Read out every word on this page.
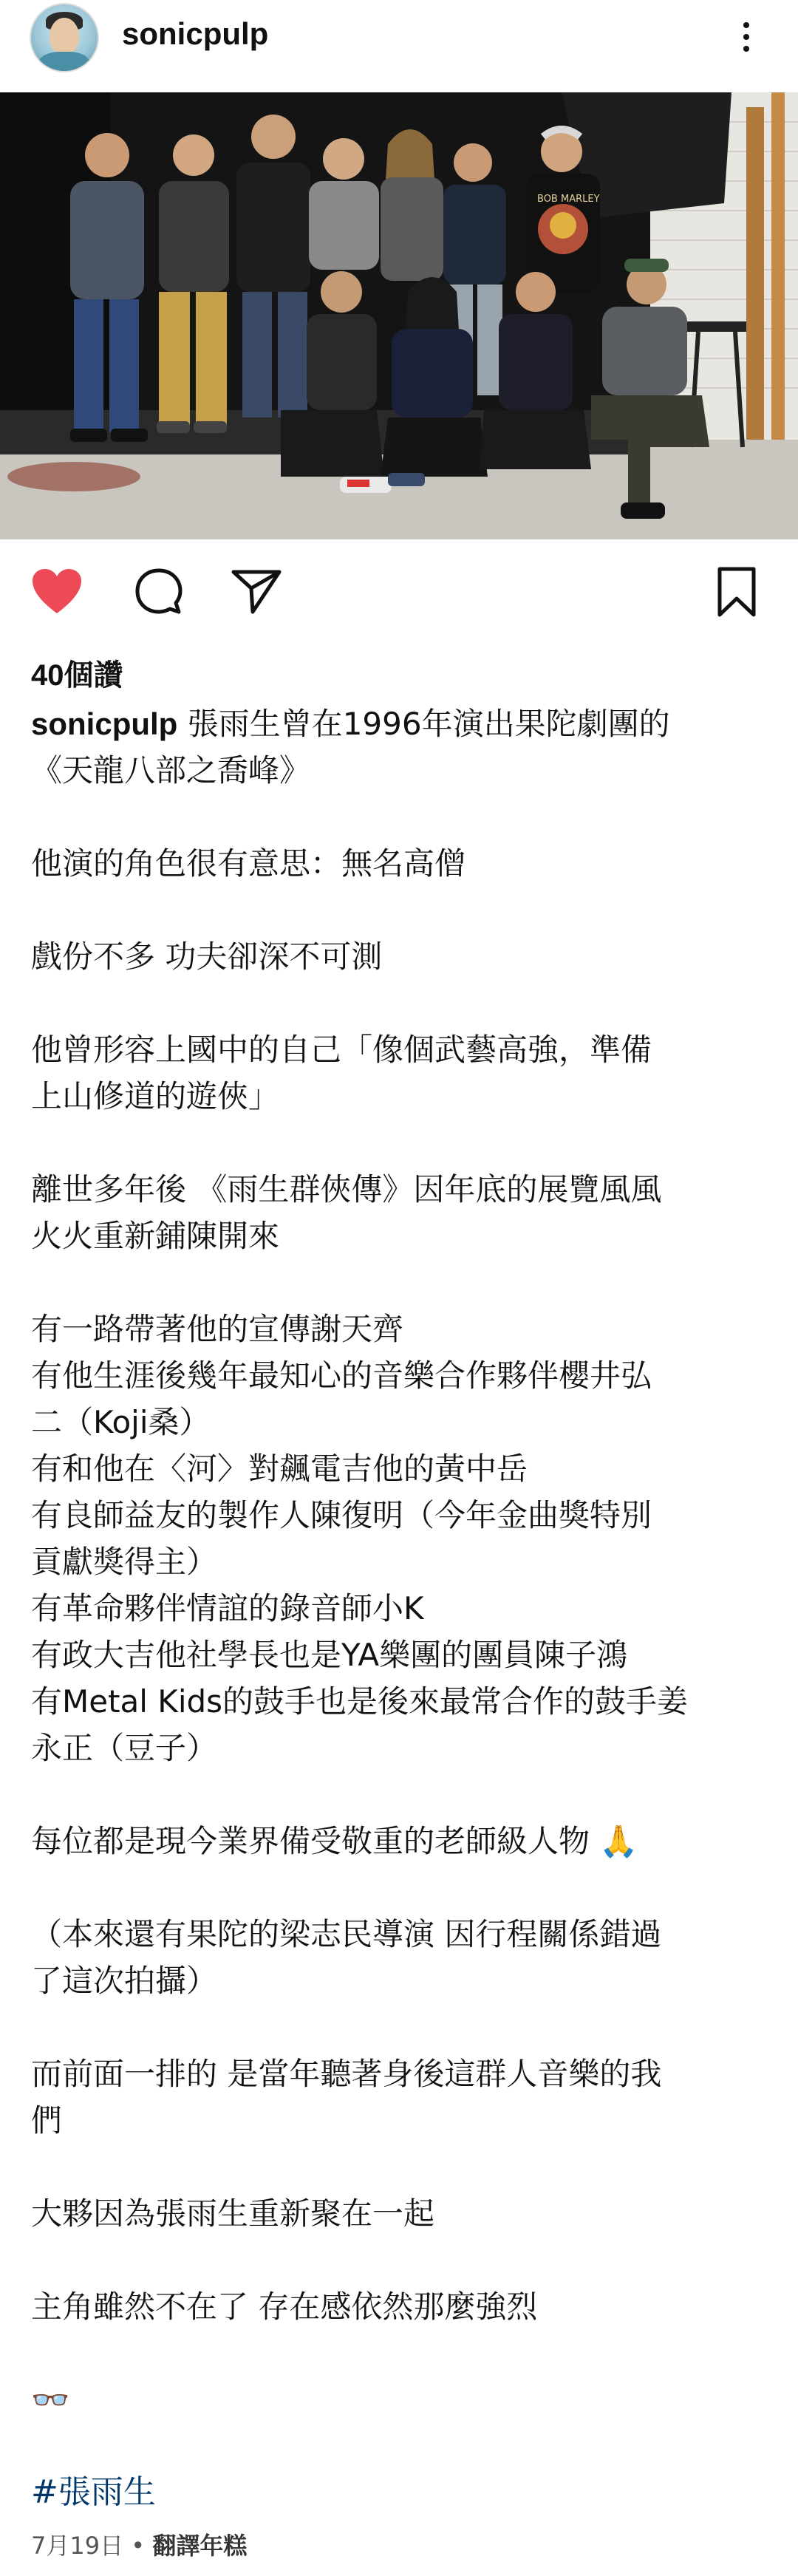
sonicpulp
BOB MARLEY
40個讚
sonicpulp 張雨生曾在1996年演出果陀劇團的
《天龍八部之喬峰》
他演的角色很有意思：無名高僧
戲份不多 功夫卻深不可測
他曾形容上國中的自己「像個武藝高強，準備
上山修道的遊俠」
離世多年後 《雨生群俠傳》因年底的展覽風風
火火重新鋪陳開來
有一路帶著他的宣傳謝天齊
有他生涯後幾年最知心的音樂合作夥伴櫻井弘
二（Koji桑）
有和他在〈河〉對飆電吉他的黃中岳
有良師益友的製作人陳復明（今年金曲獎特別
貢獻獎得主）
有革命夥伴情誼的錄音師小K
有政大吉他社學長也是YA樂團的團員陳子鴻
有Metal Kids的鼓手也是後來最常合作的鼓手姜
永正（豆子）
每位都是現今業界備受敬重的老師級人物 🙏
（本來還有果陀的梁志民導演 因行程關係錯過
了這次拍攝）
而前面一排的 是當年聽著身後這群人音樂的我
們
大夥因為張雨生重新聚在一起
主角雖然不在了 存在感依然那麼強烈
👓
#張雨生
7月19日 • 翻譯年糕
